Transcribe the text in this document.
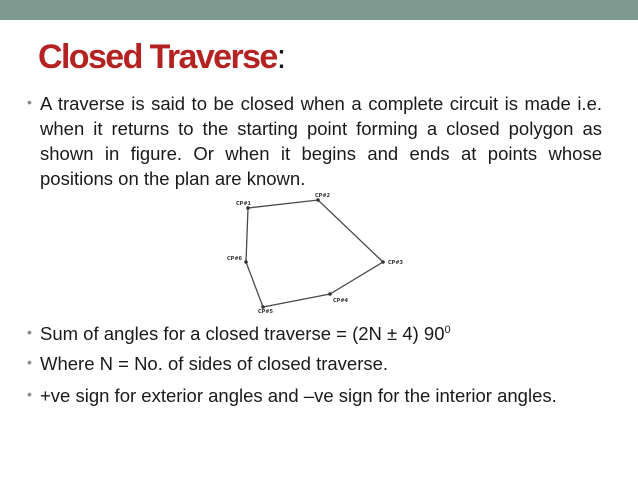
Closed Traverse:
• A traverse is said to be closed when a complete circuit is made i.e. when it returns to the starting point forming a closed polygon as shown in figure. Or when it begins and ends at points whose positions on the plan are known.
CP#1
CP#2
CP#3
CP#4
CP#5
CP#6
•
•
•
Sum of angles for a closed traverse = (2N ± 4) $90^0$
Where N = No. of sides of closed traverse.
+ve sign for exterior angles and –ve sign for the interior angles.
